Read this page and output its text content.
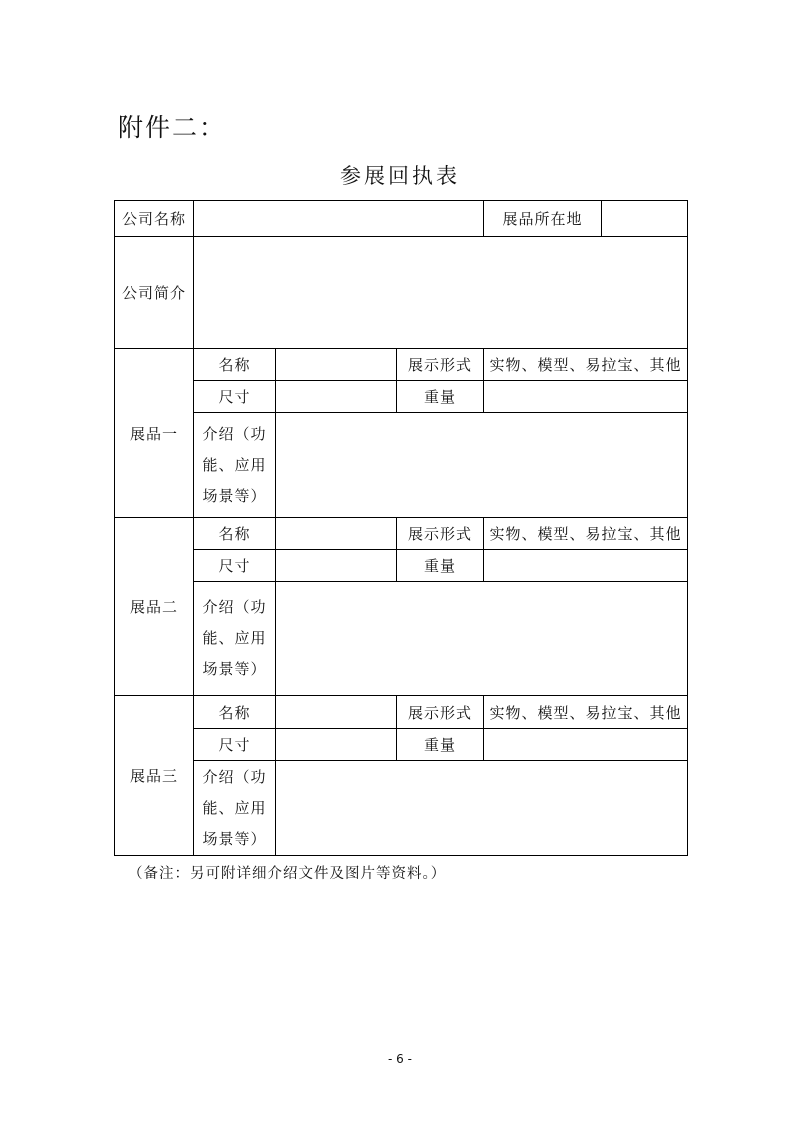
附件二：
参展回执表
公司名称				展品所在地	
公司简介					
展品一	名称		展示形式	实物、模型、易拉宝、其他	
	尺寸		重量		

	介绍（功
能、应用
场景等）				

展品二	名称		展示形式	实物、模型、易拉宝、其他	
	尺寸		重量		

	介绍（功
能、应用
场景等）				

展品三	名称		展示形式	实物、模型、易拉宝、其他	
	尺寸		重量		

	介绍（功
能、应用
场景等）				

（备注：另可附详细介绍文件及图片等资料。）
- 6 -
